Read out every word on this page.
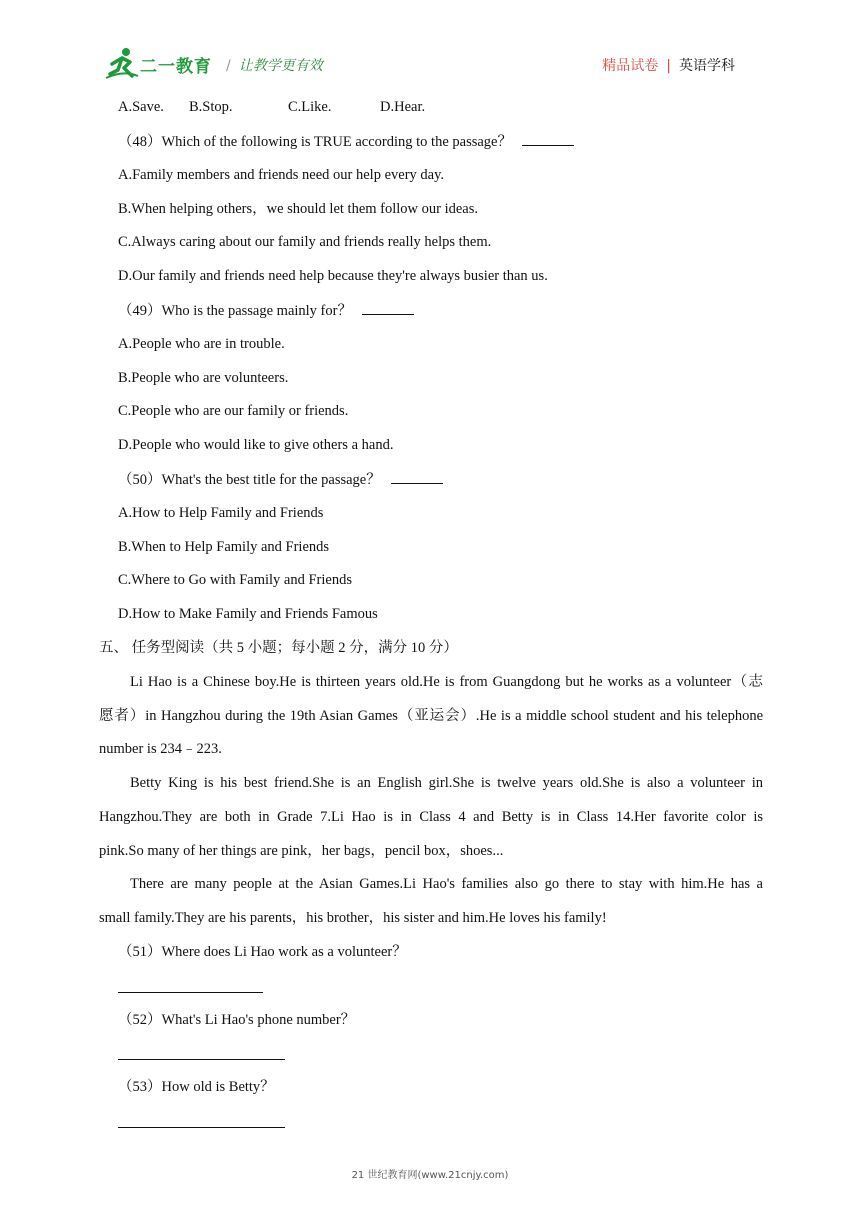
二一教育 / 让教学更有效	精品试卷 | 英语学科
A.Save. B.Stop.	C.Like.	D.Hear.
（48）Which of the following is TRUE according to the passage？
A.Family members and friends need our help every day.
B.When helping others，we should let them follow our ideas.
C.Always caring about our family and friends really helps them.
D.Our family and friends need help because they're always busier than us.
（49）Who is the passage mainly for？
A.People who are in trouble.
B.People who are volunteers.
C.People who are our family or friends.
D.People who would like to give others a hand.
（50）What's the best title for the passage？
A.How to Help Family and Friends
B.When to Help Family and Friends
C.Where to Go with Family and Friends
D.How to Make Family and Friends Famous
五、 任务型阅读（共 5 小题；每小题 2 分，满分 10 分）
Li Hao is a Chinese boy.He is thirteen years old.He is from Guangdong but he works as a volunteer（志
愿者）in Hangzhou during the 19th Asian Games（亚运会）.He is a middle school student and his telephone
number is 234﹣223.
Betty King is his best friend.She is an English girl.She is twelve years old.She is also a volunteer in
Hangzhou.They are both in Grade 7.Li Hao is in Class 4 and Betty is in Class 14.Her favorite color is
pink.So many of her things are pink，her bags，pencil box，shoes...
There are many people at the Asian Games.Li Hao's families also go there to stay with him.He has a
small family.They are his parents，his brother，his sister and him.He loves his family!
（51）Where does Li Hao work as a volunteer？
（52）What's Li Hao's phone number？
（53）How old is Betty？
21 世纪教育网(www.21cnjy.com)
